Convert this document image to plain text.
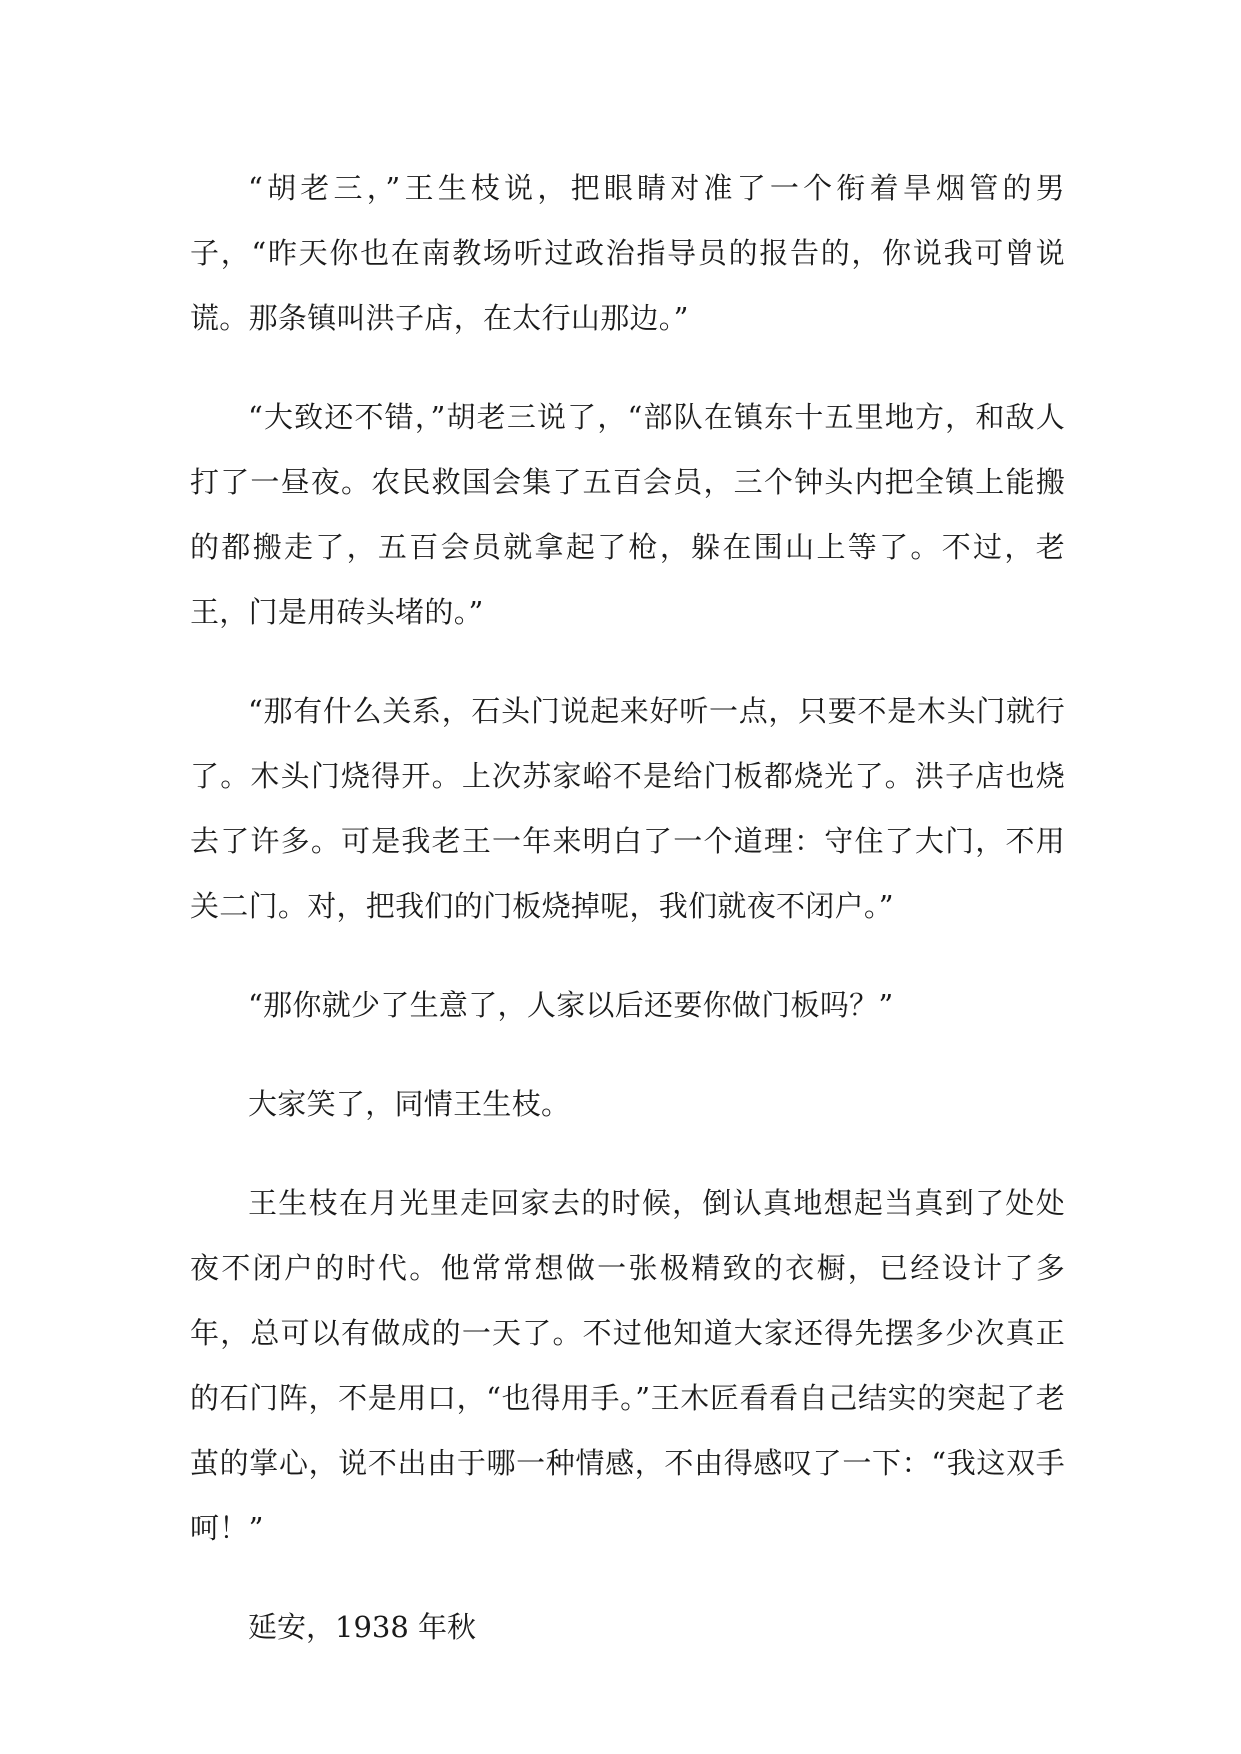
“胡老三，”王生枝说，把眼睛对准了一个衔着旱烟管的男子，“昨天你也在南教场听过政治指导员的报告的，你说我可曾说谎。那条镇叫洪子店，在太行山那边。”

“大致还不错，”胡老三说了，“部队在镇东十五里地方，和敌人打了一昼夜。农民救国会集了五百会员，三个钟头内把全镇上能搬的都搬走了，五百会员就拿起了枪，躲在围山上等了。不过，老王，门是用砖头堵的。”

“那有什么关系，石头门说起来好听一点，只要不是木头门就行了。木头门烧得开。上次苏家峪不是给门板都烧光了。洪子店也烧去了许多。可是我老王一年来明白了一个道理：守住了大门，不用关二门。对，把我们的门板烧掉呢，我们就夜不闭户。”

“那你就少了生意了，人家以后还要你做门板吗？”

大家笑了，同情王生枝。

王生枝在月光里走回家去的时候，倒认真地想起当真到了处处夜不闭户的时代。他常常想做一张极精致的衣橱，已经设计了多年，总可以有做成的一天了。不过他知道大家还得先摆多少次真正的石门阵，不是用口，“也得用手。”王木匠看看自己结实的突起了老茧的掌心，说不出由于哪一种情感，不由得感叹了一下：“我这双手呵！”

延安，1938 年秋
